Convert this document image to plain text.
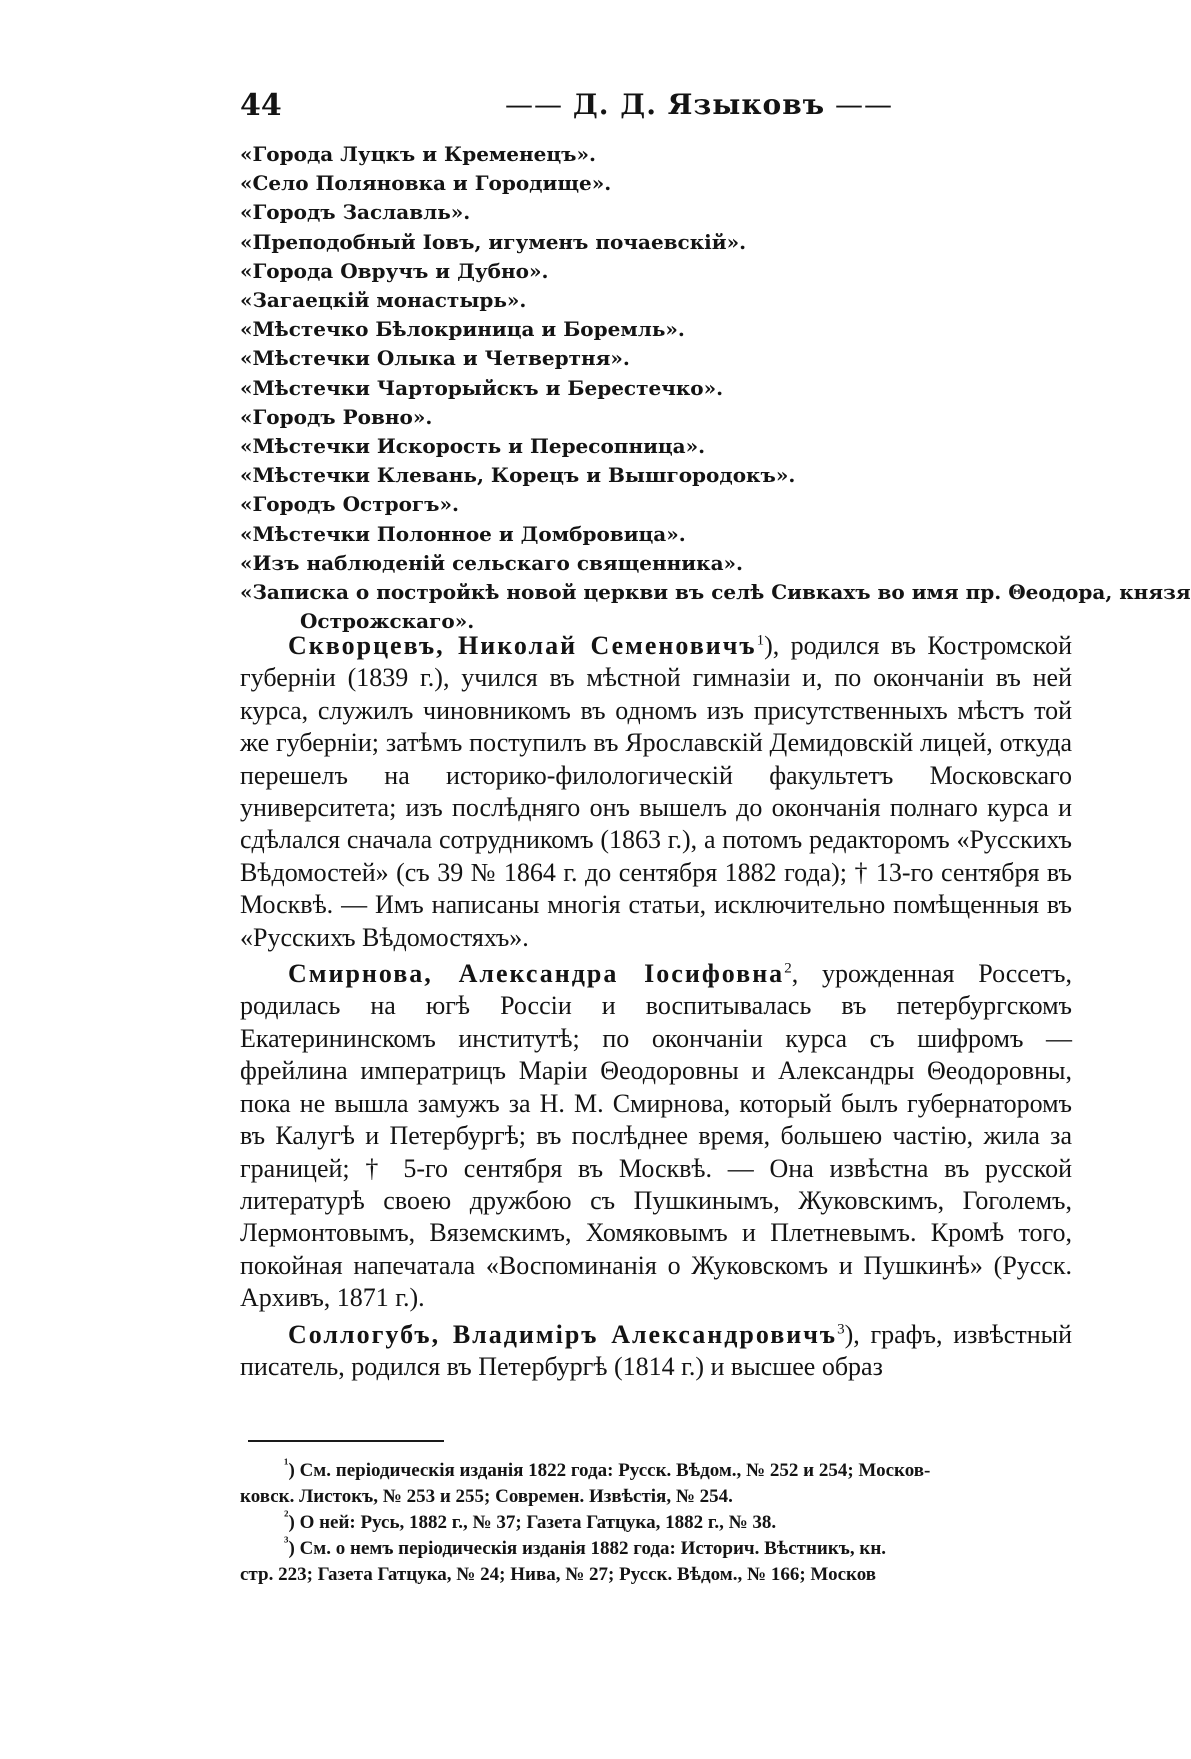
44
——	Д. Д. Языковъ ——
«Города Луцкъ и Кременецъ».
«Село Поляновка и Городище».
«Городъ Заславль».
«Преподобный Іовъ, игуменъ почаевскій».
«Города Овручъ и Дубно».
«Загаецкій монастырь».
«Мѣстечко Бѣлокриница и Боремль».
«Мѣстечки Олыка и Четвертня».
«Мѣстечки Чарторыйскъ и Берестечко».
«Городъ Ровно».
«Мѣстечки Искорость и Пересопница».
«Мѣстечки Клевань, Корецъ и Вышгородокъ».
«Городъ Острогъ».
«Мѣстечки Полонное и Домбровица».
«Изъ наблюденій сельскаго священника».
«Записка о постройкѣ новой церкви въ селѣ Сивкахъ во имя пр. Θеодора, князя
Острожскаго».

Скворцевъ, Николай Семеновичъ$^1$), родился въ Костромской губерніи (1839 г.), учился въ мѣстной гимназіи и, по окончаніи въ ней курса, служилъ чиновникомъ въ одномъ изъ присутственныхъ мѣстъ той же губерніи; затѣмъ поступилъ въ Ярославскій Демидовскій лицей, откуда перешелъ на историко-филологическій факультетъ Московскаго университета; изъ послѣдняго онъ вышелъ до окончанія полнаго курса и сдѣлался сначала сотрудникомъ (1863 г.), а потомъ редакторомъ «Русскихъ Вѣдомостей» (съ 39 № 1864 г. до сентября 1882 года); † 13-го сентября въ Москвѣ. — Имъ написаны многія статьи, исключительно помѣщенныя въ «Русскихъ Вѣдомостяхъ».

Смирнова, Александра Іосифовна$^2$, урожденная Россетъ, родилась на югѣ Россіи и воспитывалась въ петербургскомъ Екатерининскомъ институтѣ; по окончаніи курса съ шифромъ — фрейлина императрицъ Маріи Θеодоровны и Александры Θеодоровны, пока не вышла замужъ за Н. М. Смирнова, который былъ губернаторомъ въ Калугѣ и Петербургѣ; въ послѣднее время, большею частію, жила за границей; † 5-го сентября въ Москвѣ. — Она извѣстна въ русской литературѣ своею дружбою съ Пушкинымъ, Жуковскимъ, Гоголемъ, Лермонтовымъ, Вяземскимъ, Хомяковымъ и Плетневымъ. Кромѣ того, покойная напечатала «Воспоминанія о Жуковскомъ и Пушкинѣ» (Русск. Архивъ, 1871 г.).

Соллогубъ, Владиміръ Александровичъ$^3$), графъ, извѣстный писатель, родился въ Петербургѣ (1814 г.) и высшее образ

$^{^1}$) См. періодическія изданія 1822 года: Русск. Вѣдом., № 252 и 254; Москов-

ковск. Листокъ, № 253 и 255; Современ. Извѣстія, № 254.

$^{^2}$) О ней: Русь, 1882 г., № 37; Газета Гатцука, 1882 г., № 38.

$^{^3}$) См. о немъ періодическія изданія 1882 года: Историч. Вѣстникъ, кн.

стр. 223; Газета Гатцука, № 24; Нива, № 27; Русск. Вѣдом., № 166; Москов
